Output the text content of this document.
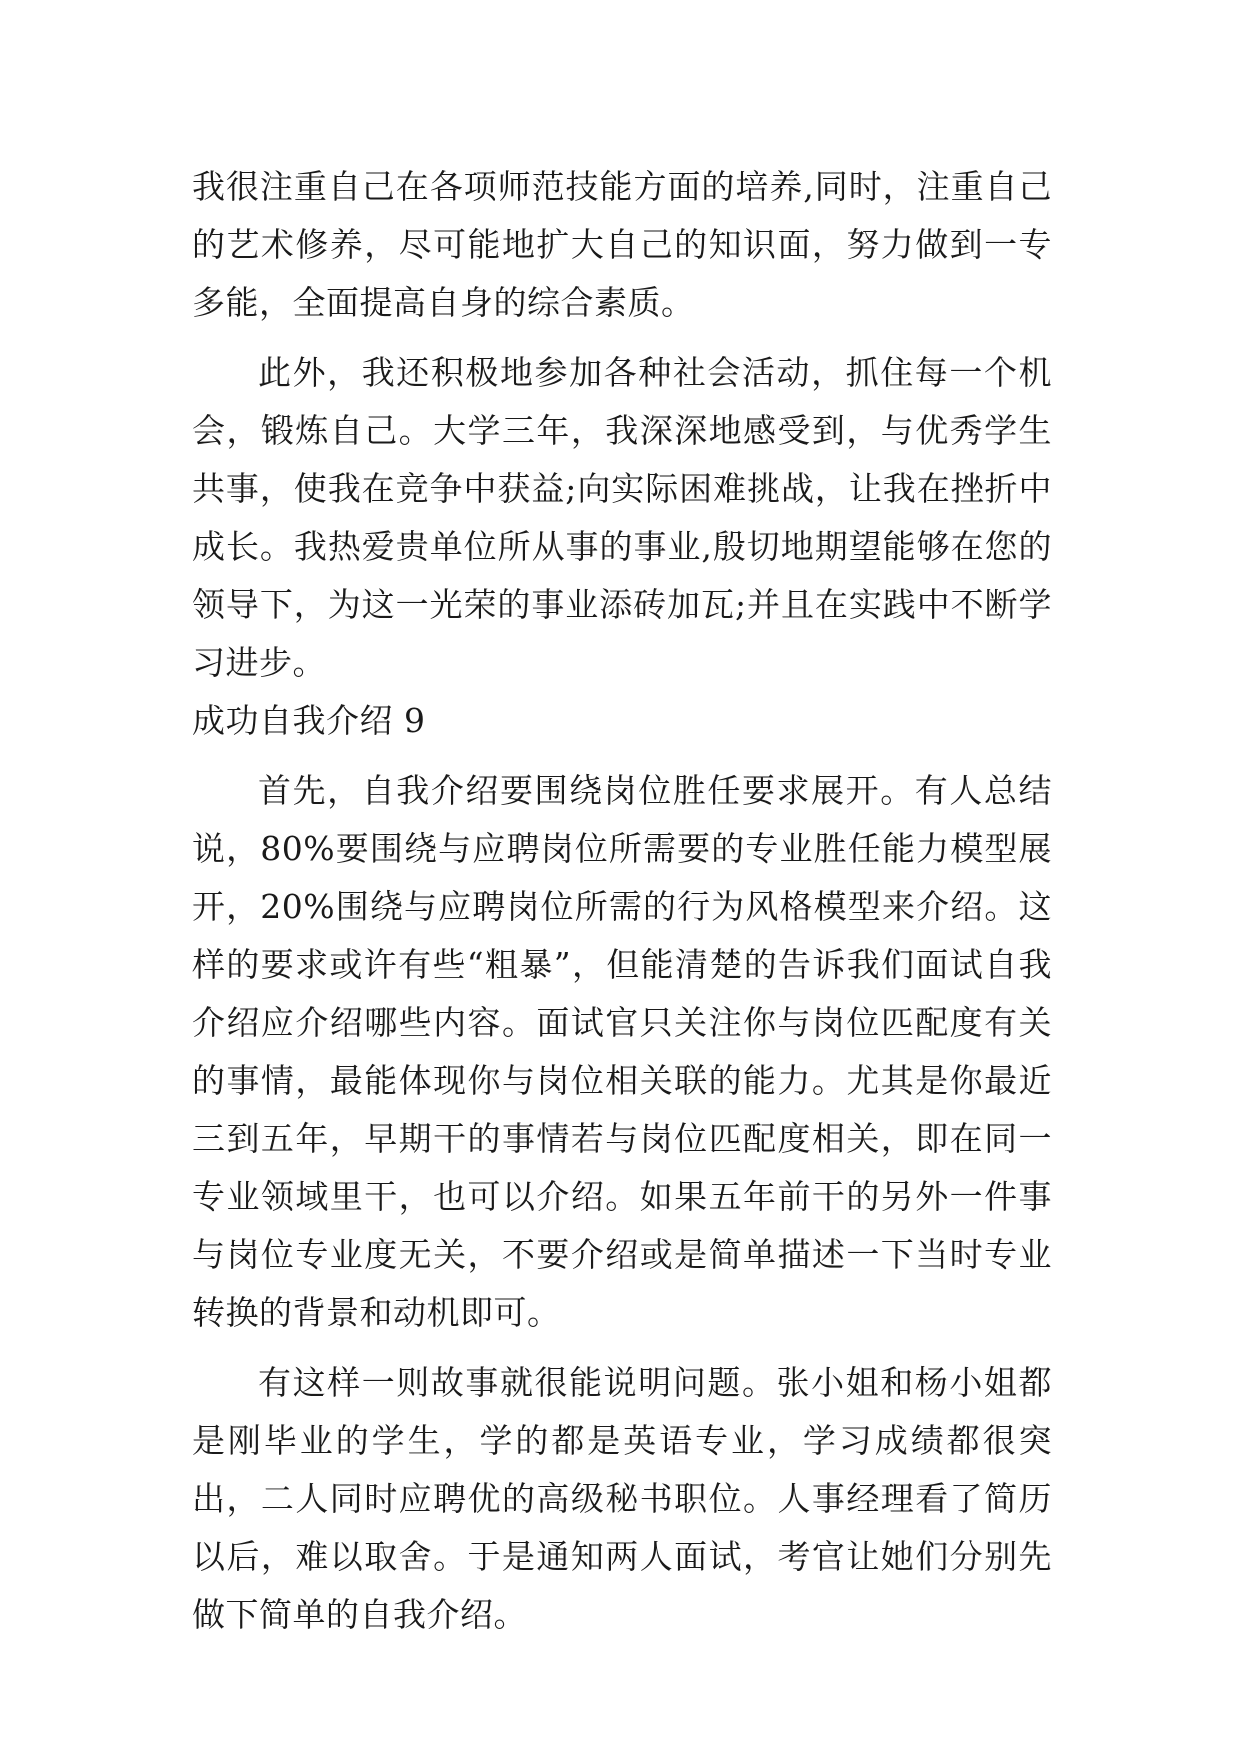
我很注重自己在各项师范技能方面的培养,同时，注重自己的艺术修养，尽可能地扩大自己的知识面，努力做到一专多能，全面提高自身的综合素质。

此外，我还积极地参加各种社会活动，抓住每一个机会，锻炼自己。大学三年，我深深地感受到，与优秀学生共事，使我在竞争中获益;向实际困难挑战，让我在挫折中成长。我热爱贵单位所从事的事业,殷切地期望能够在您的领导下，为这一光荣的事业添砖加瓦;并且在实践中不断学习进步。

成功自我介绍 9

首先，自我介绍要围绕岗位胜任要求展开。有人总结说，80%要围绕与应聘岗位所需要的专业胜任能力模型展开，20%围绕与应聘岗位所需的行为风格模型来介绍。这样的要求或许有些“粗暴”，但能清楚的告诉我们面试自我介绍应介绍哪些内容。面试官只关注你与岗位匹配度有关的事情，最能体现你与岗位相关联的能力。尤其是你最近三到五年，早期干的事情若与岗位匹配度相关，即在同一专业领域里干，也可以介绍。如果五年前干的另外一件事与岗位专业度无关，不要介绍或是简单描述一下当时专业转换的背景和动机即可。

有这样一则故事就很能说明问题。张小姐和杨小姐都是刚毕业的学生，学的都是英语专业，学习成绩都很突出，二人同时应聘优的高级秘书职位。人事经理看了简历以后，难以取舍。于是通知两人面试，考官让她们分别先做下简单的自我介绍。
